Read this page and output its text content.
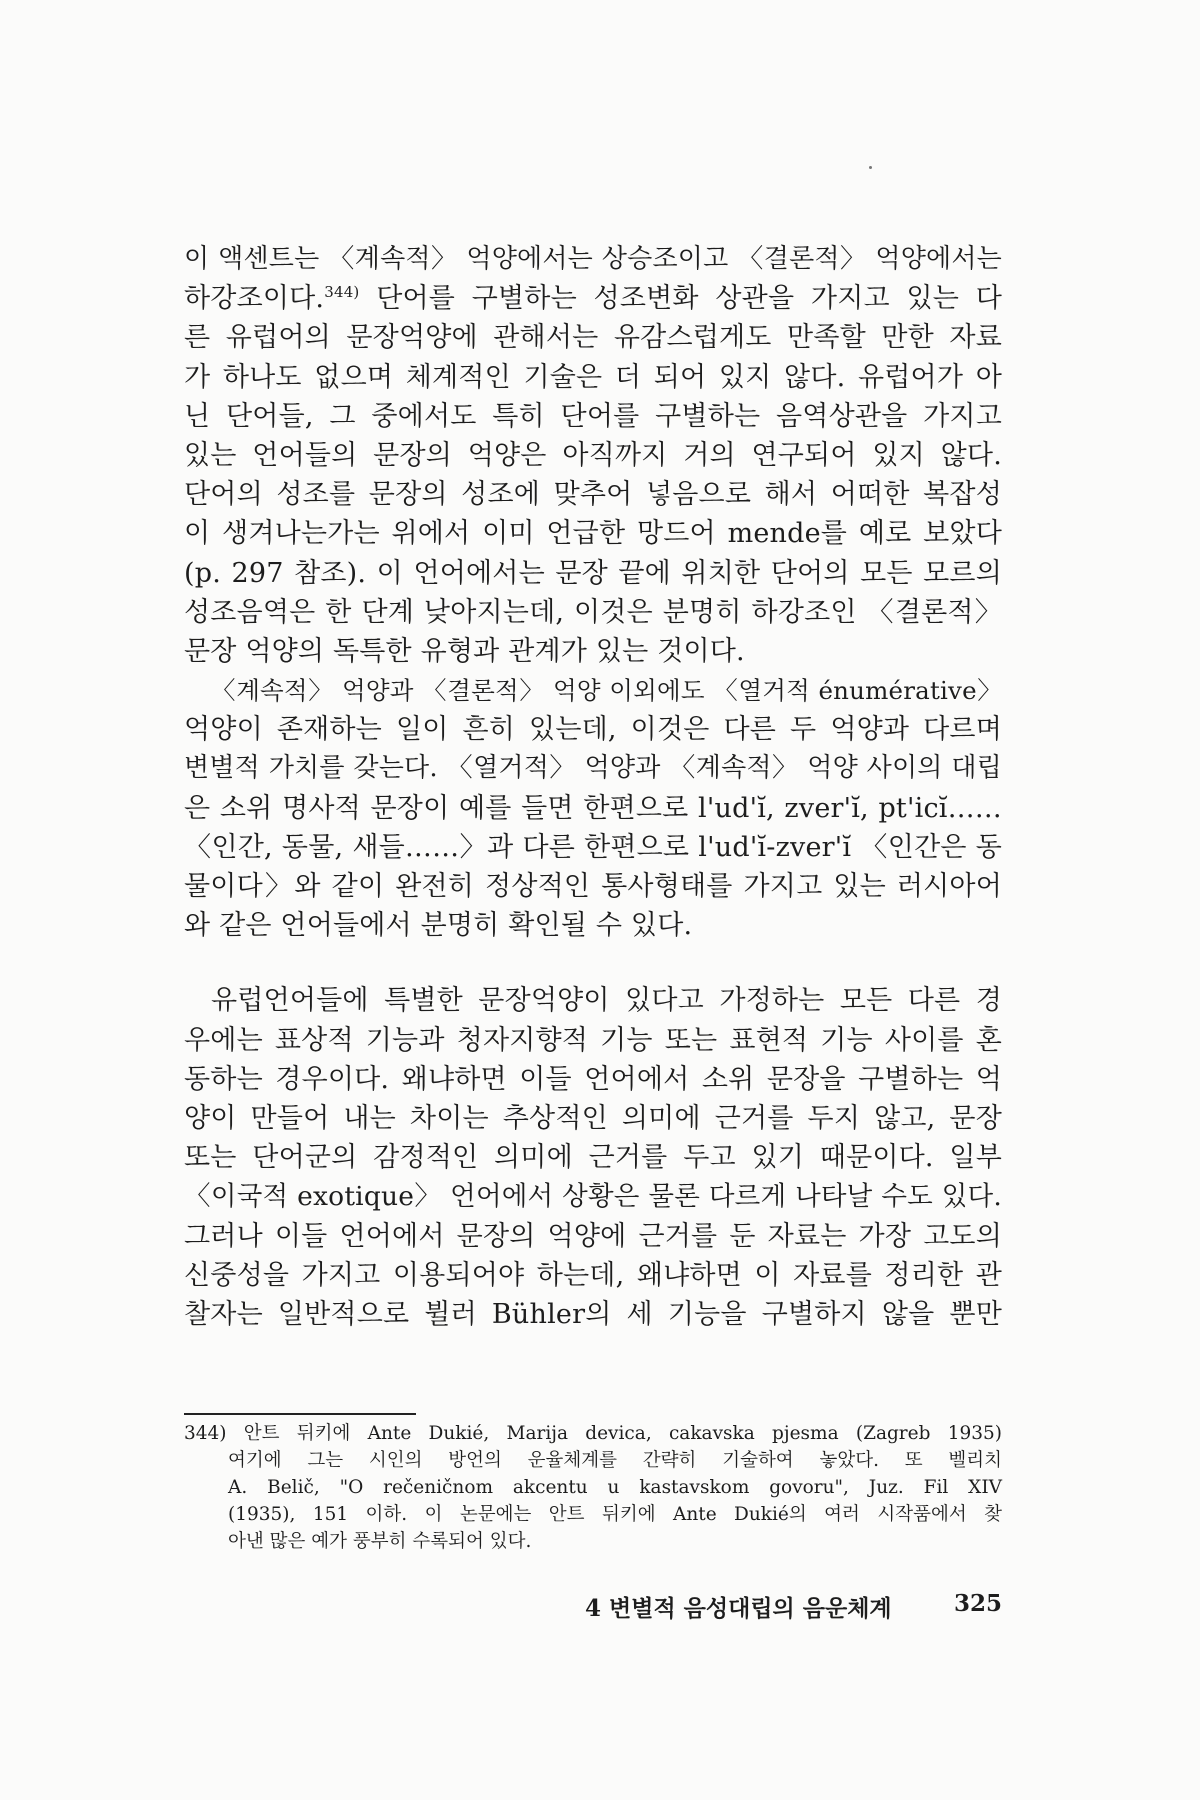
이 액센트는 〈계속적〉 억양에서는 상승조이고 〈결론적〉 억양에서는
하강조이다.$^{344)}$ 단어를 구별하는 성조변화 상관을 가지고 있는 다
른 유럽어의 문장억양에 관해서는 유감스럽게도 만족할 만한 자료
가 하나도 없으며 체계적인 기술은 더 되어 있지 않다. 유럽어가 아
닌 단어들, 그 중에서도 특히 단어를 구별하는 음역상관을 가지고
있는 언어들의 문장의 억양은 아직까지 거의 연구되어 있지 않다.
단어의 성조를 문장의 성조에 맞추어 넣음으로 해서 어떠한 복잡성
이 생겨나는가는 위에서 이미 언급한 망드어 mende를 예로 보았다
(p. 297 참조). 이 언어에서는 문장 끝에 위치한 단어의 모든 모르의
성조음역은 한 단계 낮아지는데, 이것은 분명히 하강조인 〈결론적〉
문장 억양의 독특한 유형과 관계가 있는 것이다.
〈계속적〉 억양과 〈결론적〉 억양 이외에도 〈열거적 énumérative〉
억양이 존재하는 일이 흔히 있는데, 이것은 다른 두 억양과 다르며
변별적 가치를 갖는다. 〈열거적〉 억양과 〈계속적〉 억양 사이의 대립
은 소위 명사적 문장이 예를 들면 한편으로 l'ud'ĭ, zver'ĭ, pt'icĭ……
〈인간, 동물, 새들……〉과 다른 한편으로 l'ud'ĭ-zver'ĭ 〈인간은 동
물이다〉와 같이 완전히 정상적인 통사형태를 가지고 있는 러시아어
와 같은 언어들에서 분명히 확인될 수 있다.
유럽언어들에 특별한 문장억양이 있다고 가정하는 모든 다른 경
우에는 표상적 기능과 청자지향적 기능 또는 표현적 기능 사이를 혼
동하는 경우이다. 왜냐하면 이들 언어에서 소위 문장을 구별하는 억
양이 만들어 내는 차이는 추상적인 의미에 근거를 두지 않고, 문장
또는 단어군의 감정적인 의미에 근거를 두고 있기 때문이다. 일부
〈이국적 exotique〉 언어에서 상황은 물론 다르게 나타날 수도 있다.
그러나 이들 언어에서 문장의 억양에 근거를 둔 자료는 가장 고도의
신중성을 가지고 이용되어야 하는데, 왜냐하면 이 자료를 정리한 관
찰자는 일반적으로 뷜러 Bühler의 세 기능을 구별하지 않을 뿐만
344) 안트 뒤키에 Ante Dukié, Marija devica, cakavska pjesma (Zagreb 1935)
여기에 그는 시인의 방언의 운율체계를 간략히 기술하여 놓았다. 또 벨리치
A. Belič, "O rečeničnom akcentu u kastavskom govoru", Juz. Fil XIV
(1935), 151 이하. 이 논문에는 안트 뒤키에 Ante Dukié의 여러 시작품에서 찾
아낸 많은 예가 풍부히 수록되어 있다.
4 변별적 음성대립의 음운체계	325
